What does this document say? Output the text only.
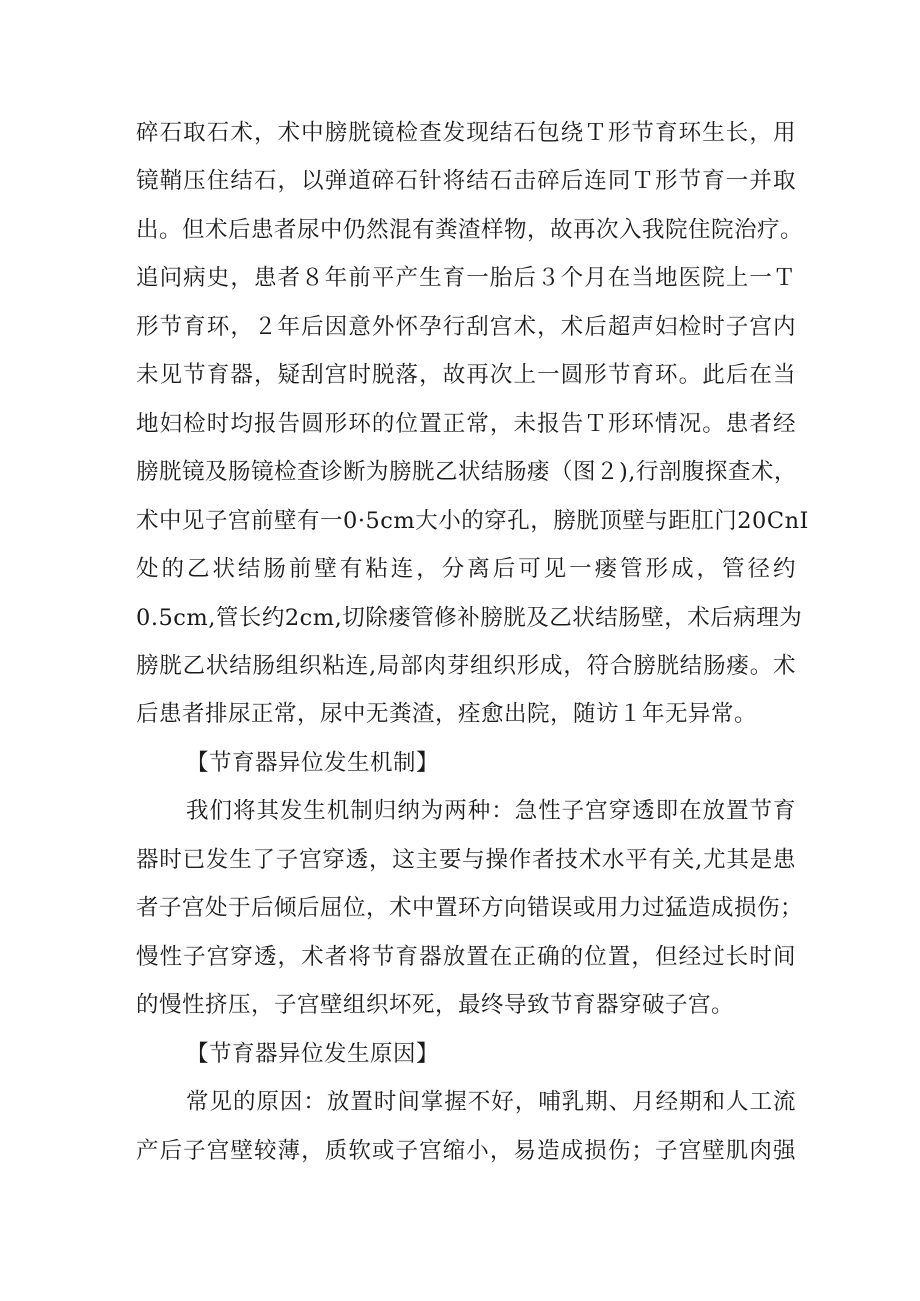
碎石取石术，术中膀胱镜检查发现结石包绕Ｔ形节育环生长，用
镜鞘压住结石，以弹道碎石针将结石击碎后连同Ｔ形节育一并取
出。但术后患者尿中仍然混有粪渣样物，故再次入我院住院治疗。
追问病史，患者８年前平产生育一胎后３个月在当地医院上一Ｔ
形节育环，２年后因意外怀孕行刮宫术，术后超声妇检时子宫内
未见节育器，疑刮宫时脱落，故再次上一圆形节育环。此后在当
地妇检时均报告圆形环的位置正常，未报告Ｔ形环情况。患者经
膀胱镜及肠镜检查诊断为膀胱乙状结肠瘘（图２),行剖腹探查术，
术中见子宫前壁有一0·5cm大小的穿孔，膀胱顶壁与距肛门20CnI
处的乙状结肠前壁有粘连，分离后可见一瘘管形成，管径约
0.5cm,管长约2cm,切除瘘管修补膀胱及乙状结肠壁，术后病理为
膀胱乙状结肠组织粘连,局部肉芽组织形成，符合膀胱结肠瘘。术
后患者排尿正常，尿中无粪渣，痊愈出院，随访１年无异常。
【节育器异位发生机制】
我们将其发生机制归纳为两种：急性子宫穿透即在放置节育
器时已发生了子宫穿透，这主要与操作者技术水平有关,尤其是患
者子宫处于后倾后屈位，术中置环方向错误或用力过猛造成损伤；
慢性子宫穿透，术者将节育器放置在正确的位置，但经过长时间
的慢性挤压，子宫壁组织坏死，最终导致节育器穿破子宫。
【节育器异位发生原因】
常见的原因：放置时间掌握不好，哺乳期、月经期和人工流
产后子宫壁较薄，质软或子宫缩小，易造成损伤；子宫壁肌肉强
